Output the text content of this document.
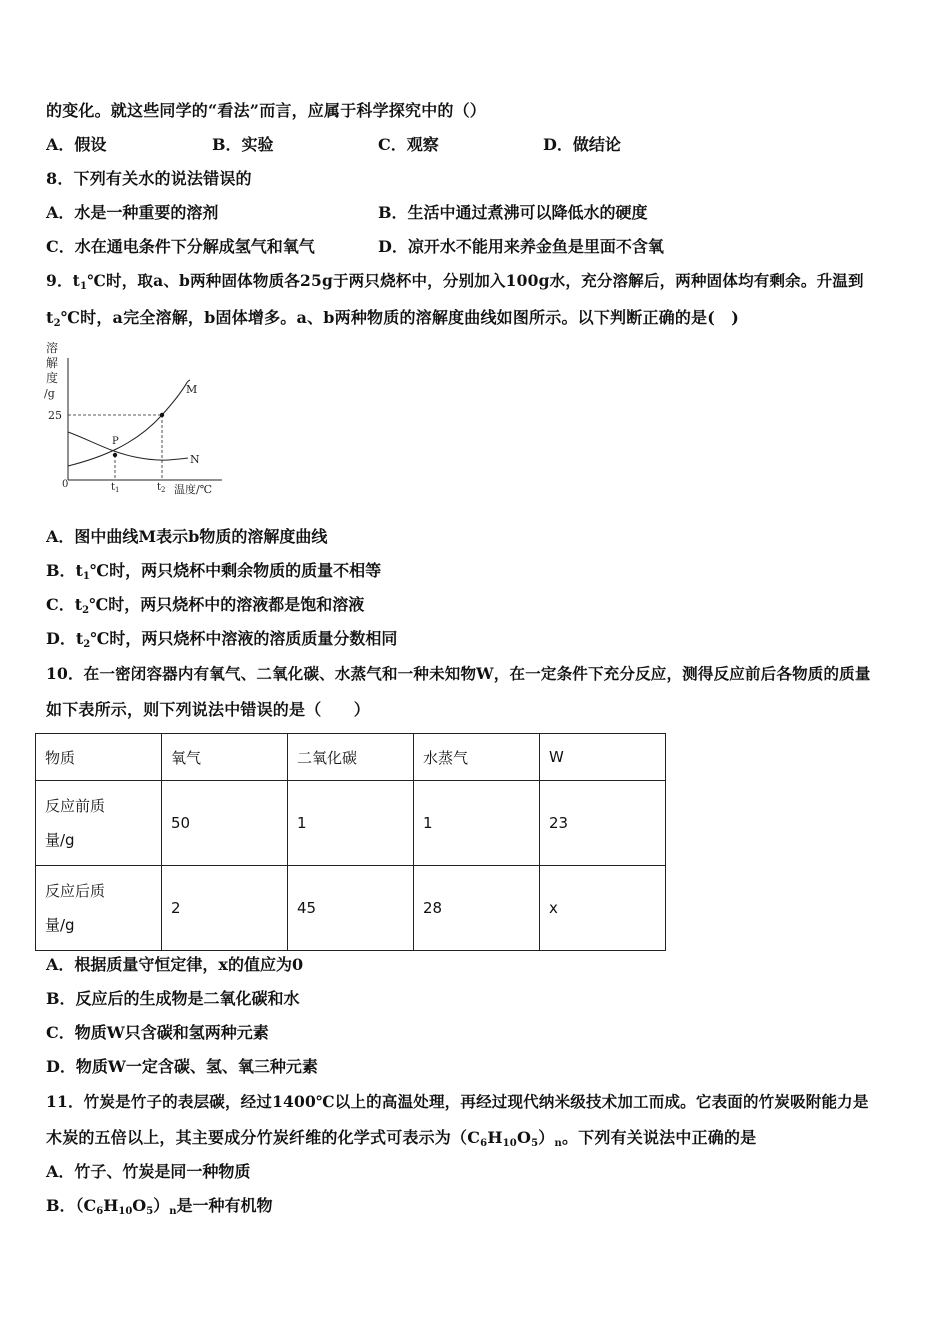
的变化。就这些同学的“看法”而言，应属于科学探究中的（）
A．假设	B．实验	C．观察	D．做结论
8．下列有关水的说法错误的
A．水是一种重要的溶剂	B．生活中通过煮沸可以降低水的硬度
C．水在通电条件下分解成氢气和氧气	D．凉开水不能用来养金鱼是里面不含氧
9．$t_1℃$时，取a、b两种固体物质各25g于两只烧杯中，分别加入100g水，充分溶解后，两种固体均有剩余。升温到
$t_2℃$时，a完全溶解，b固体增多。a、b两种物质的溶解度曲线如图所示。以下判断正确的是(　)
溶
解
度
/g
25
0	$t_1$	$t_2$ 温度/℃
M
N
P
A．图中曲线M表示b物质的溶解度曲线
B．$t_1℃$时，两只烧杯中剩余物质的质量不相等
C．$t_2℃$时，两只烧杯中的溶液都是饱和溶液
D．$t_2℃$时，两只烧杯中溶液的溶质质量分数相同
10．在一密闭容器内有氧气、二氧化碳、水蒸气和一种未知物W，在一定条件下充分反应，测得反应前后各物质的质量
如下表所示，则下列说法中错误的是（　　）
物质	氧气	二氧化碳	水蒸气	W

反应前质
量/g	50	1	1	23

反应后质
量/g	2	45	28	x
A．根据质量守恒定律，x的值应为0
B．反应后的生成物是二氧化碳和水
C．物质W只含碳和氢两种元素
D．物质W一定含碳、氢、氧三种元素
11．竹炭是竹子的表层碳，经过1400℃以上的高温处理，再经过现代纳米级技术加工而成。它表面的竹炭吸附能力是
木炭的五倍以上，其主要成分竹炭纤维的化学式可表示为$(C_6H_{10}O_5)_n$。下列有关说法中正确的是
A．竹子、竹炭是同一种物质
B．$(C_6H_{10}O_5)_n$是一种有机物
